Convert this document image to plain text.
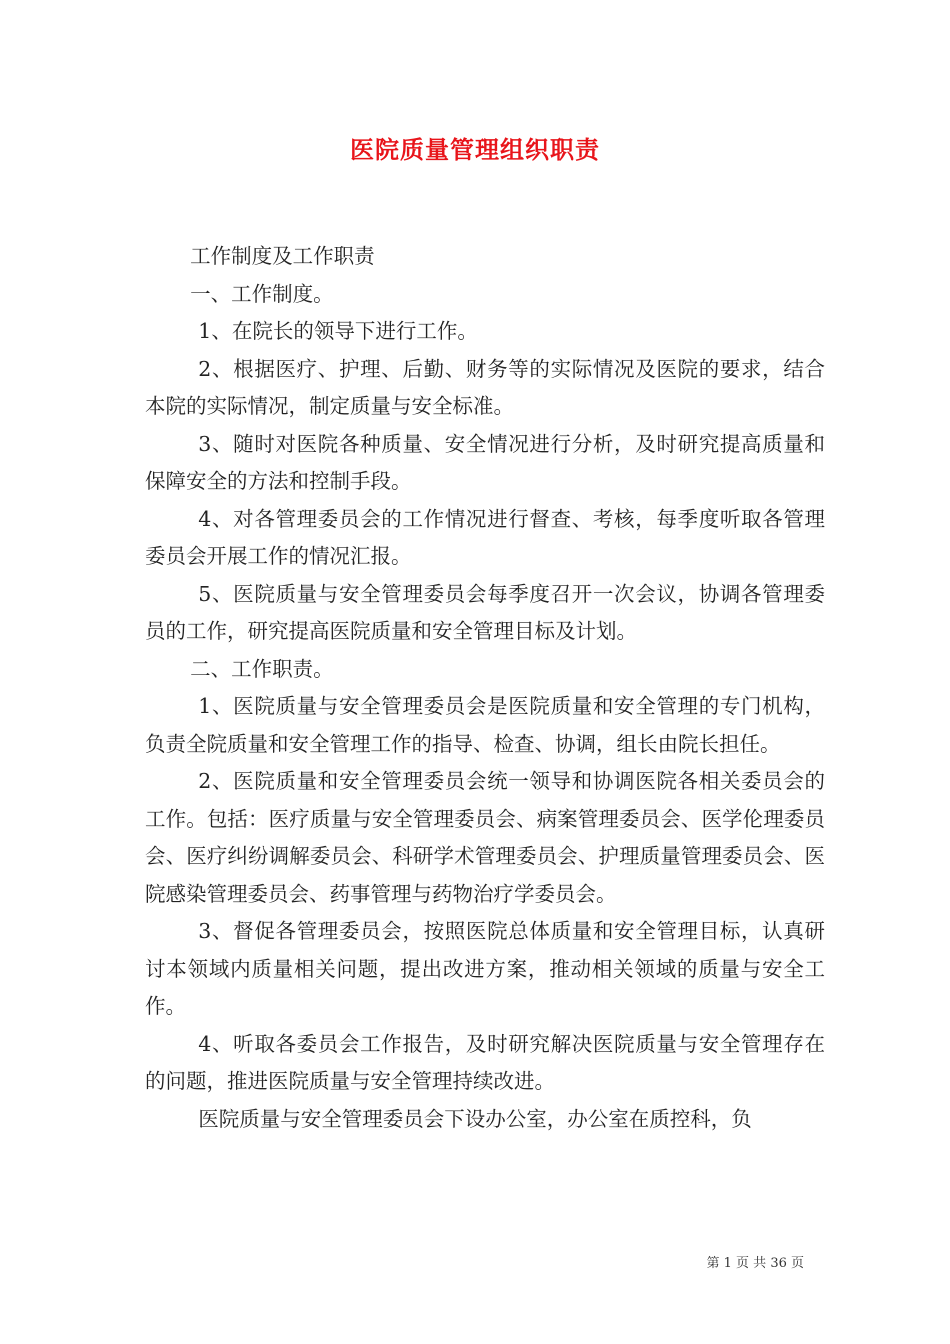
医院质量管理组织职责

工作制度及工作职责

一、工作制度。

1、在院长的领导下进行工作。

2、根据医疗、护理、后勤、财务等的实际情况及医院的要求，结合本院的实际情况，制定质量与安全标准。

3、随时对医院各种质量、安全情况进行分析，及时研究提高质量和保障安全的方法和控制手段。

4、对各管理委员会的工作情况进行督查、考核，每季度听取各管理委员会开展工作的情况汇报。

5、医院质量与安全管理委员会每季度召开一次会议，协调各管理委员的工作，研究提高医院质量和安全管理目标及计划。

二、工作职责。

1、医院质量与安全管理委员会是医院质量和安全管理的专门机构，负责全院质量和安全管理工作的指导、检查、协调，组长由院长担任。

2、医院质量和安全管理委员会统一领导和协调医院各相关委员会的工作。包括：医疗质量与安全管理委员会、病案管理委员会、医学伦理委员会、医疗纠纷调解委员会、科研学术管理委员会、护理质量管理委员会、医院感染管理委员会、药事管理与药物治疗学委员会。

3、督促各管理委员会，按照医院总体质量和安全管理目标，认真研讨本领域内质量相关问题，提出改进方案，推动相关领域的质量与安全工作。

4、听取各委员会工作报告，及时研究解决医院质量与安全管理存在的问题，推进医院质量与安全管理持续改进。

医院质量与安全管理委员会下设办公室，办公室在质控科，负

第 1 页 共 36 页
